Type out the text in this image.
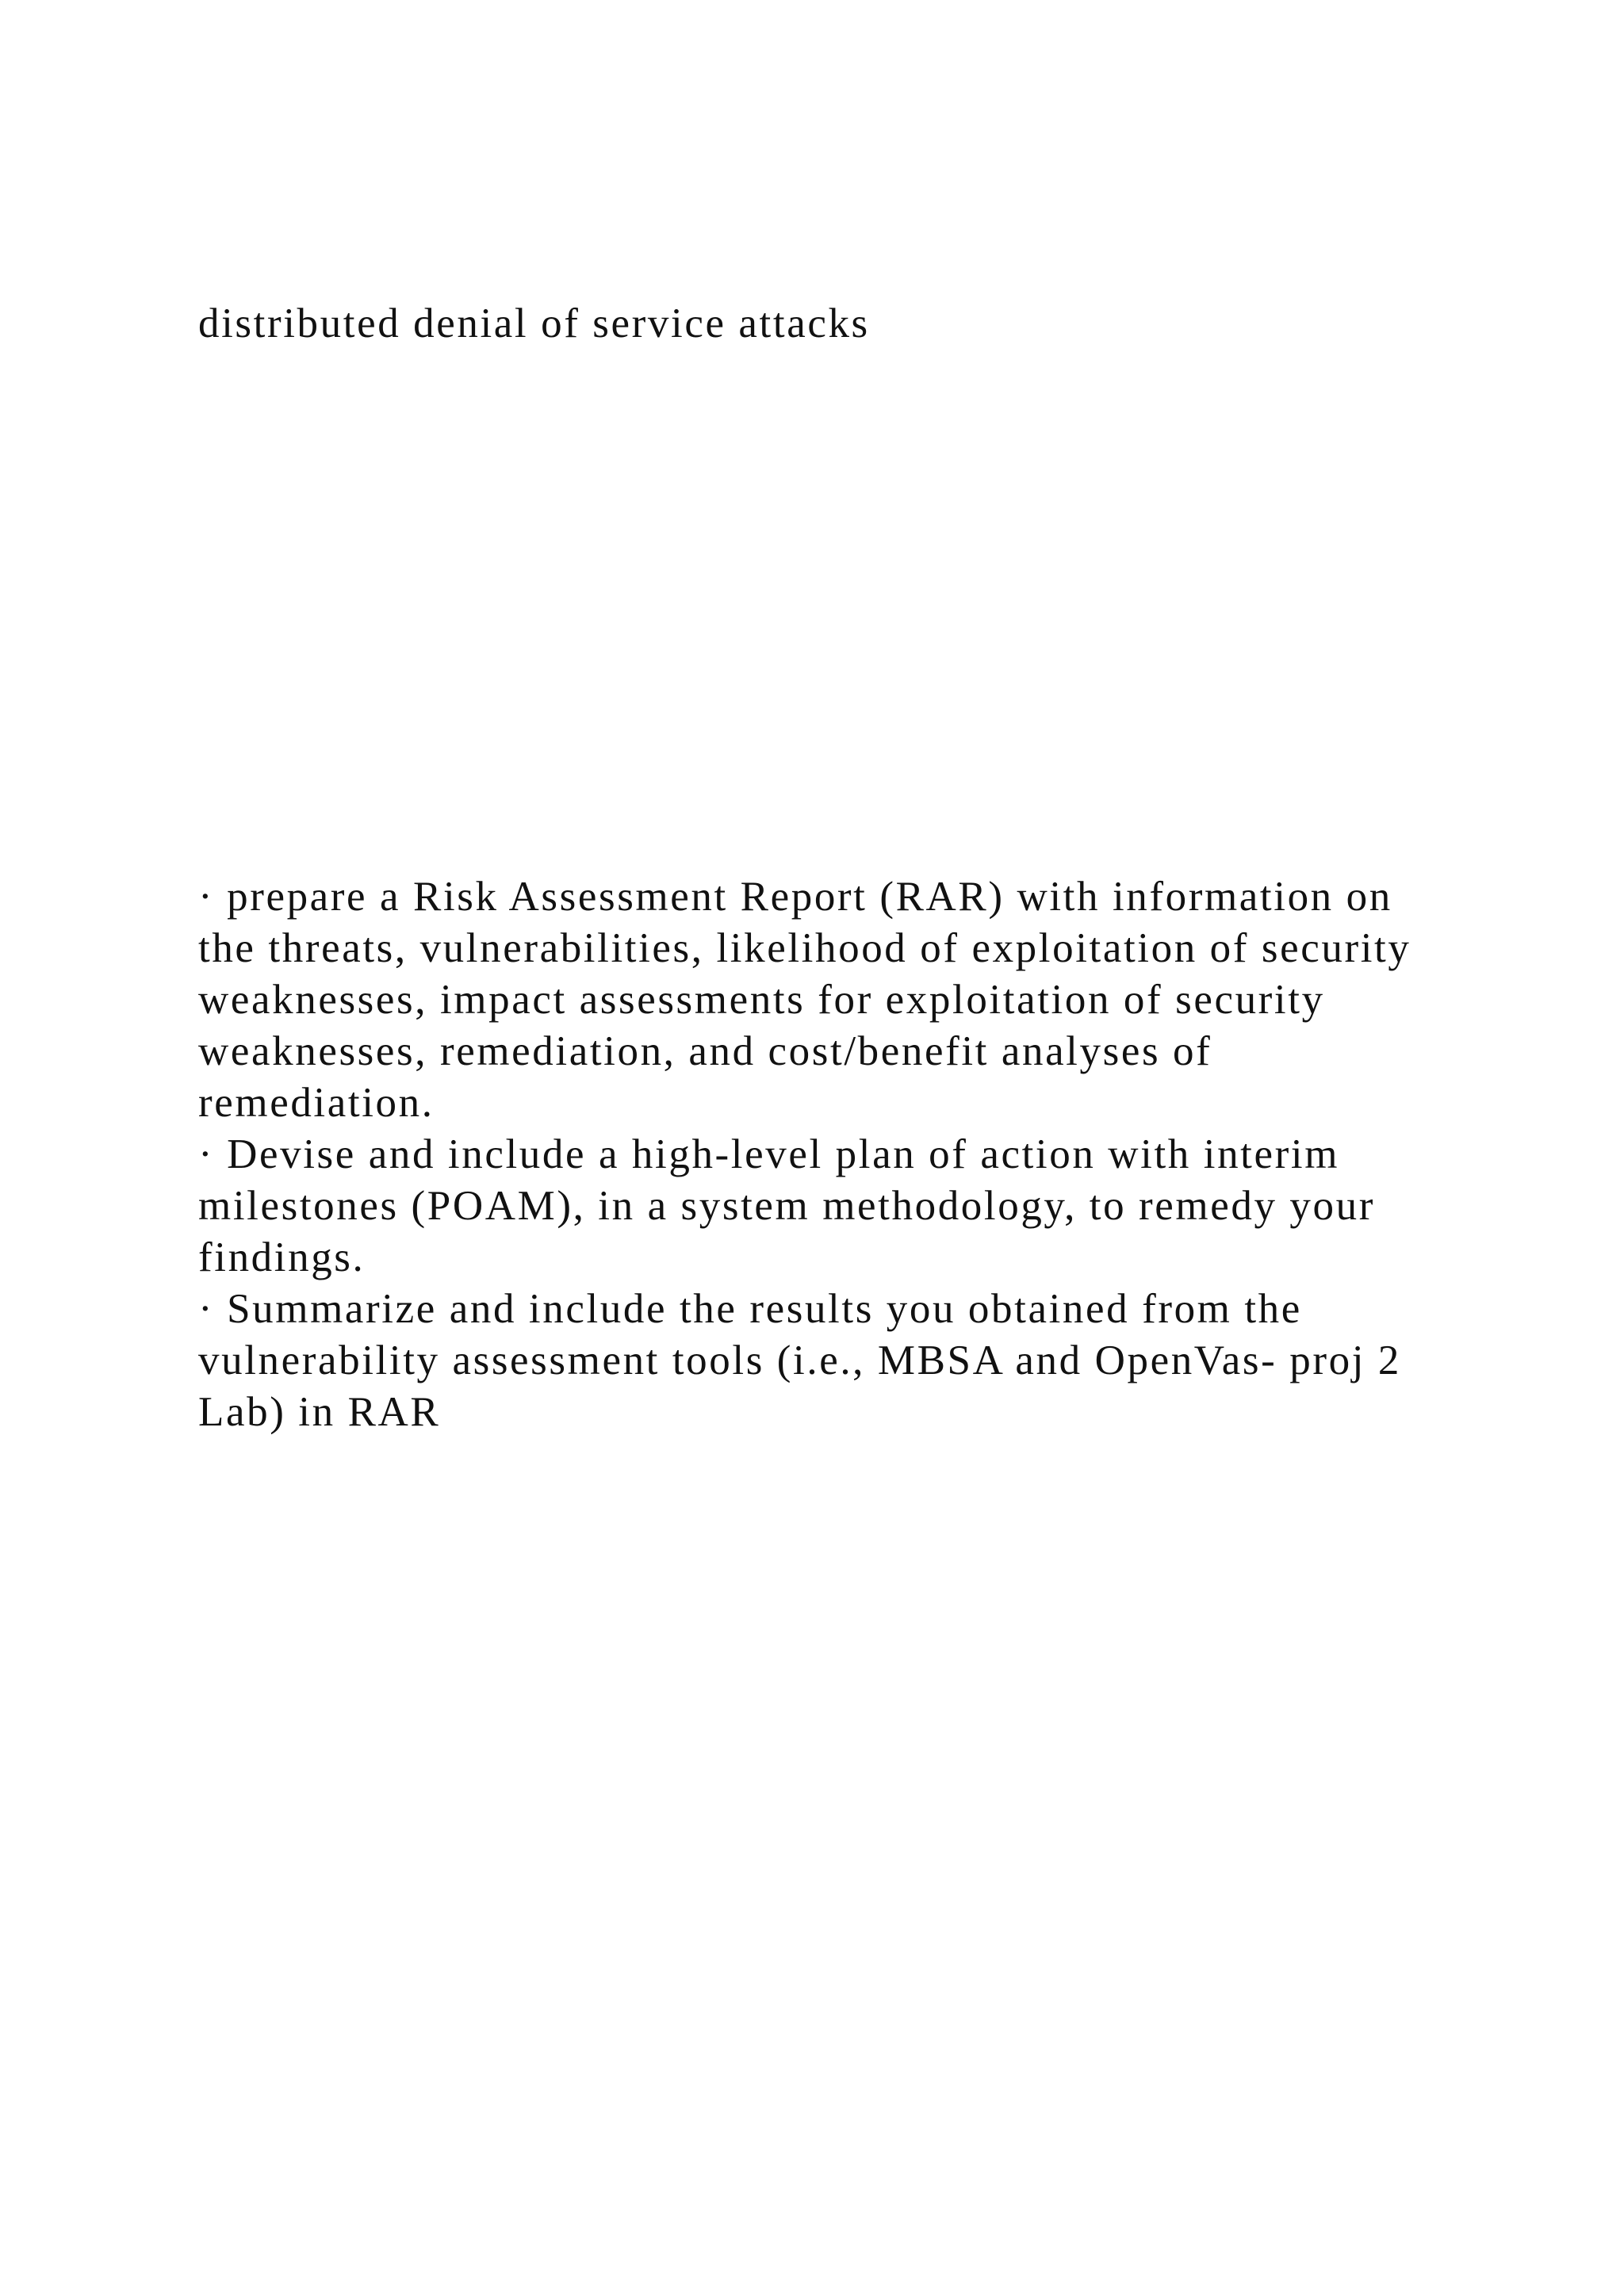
distributed denial of service attacks
· prepare a Risk Assessment Report (RAR) with information on
the threats, vulnerabilities, likelihood of exploitation of security
weaknesses, impact assessments for exploitation of security
weaknesses, remediation, and cost/benefit analyses of
remediation.
· Devise and include a high-level plan of action with interim
milestones (POAM), in a system methodology, to remedy your
findings.
· Summarize and include the results you obtained from the
vulnerability assessment tools (i.e., MBSA and OpenVas- proj 2
Lab) in RAR
